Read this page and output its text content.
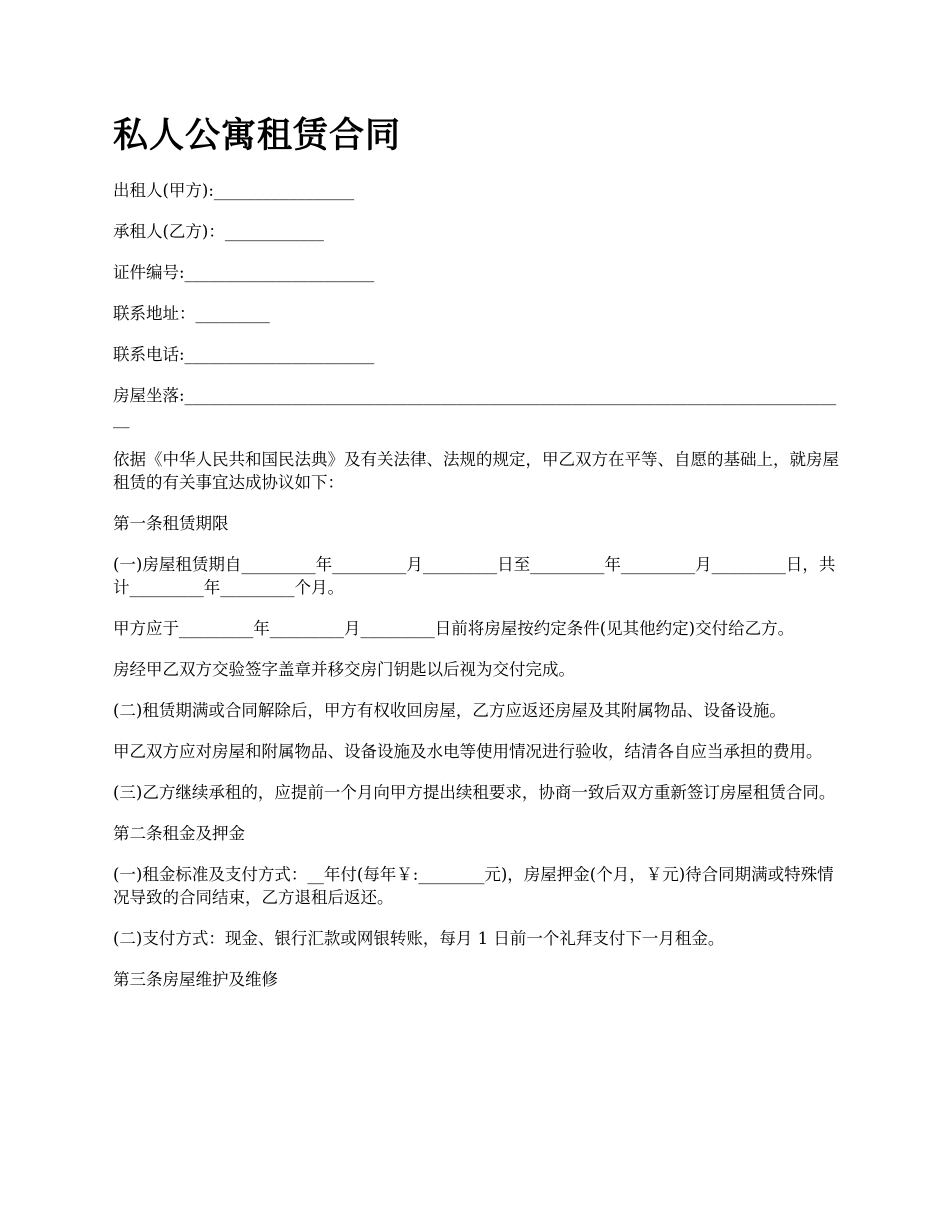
私人公寓租赁合同

出租人(甲方):_________________

承租人(乙方)：____________

证件编号:_______________________

联系地址：_________

联系电话:_______________________

房屋坐落:_________________________________________________________________________________

依据《中华人民共和国民法典》及有关法律、法规的规定，甲乙双方在平等、自愿的基础上，就房屋租赁的有关事宜达成协议如下：

第一条租赁期限

(一)房屋租赁期自_________年_________月_________日至_________年_________月_________日，共计_________年_________个月。

甲方应于_________年_________月_________日前将房屋按约定条件(见其他约定)交付给乙方。

房经甲乙双方交验签字盖章并移交房门钥匙以后视为交付完成。

(二)租赁期满或合同解除后，甲方有权收回房屋，乙方应返还房屋及其附属物品、设备设施。

甲乙双方应对房屋和附属物品、设备设施及水电等使用情况进行验收，结清各自应当承担的费用。

(三)乙方继续承租的，应提前一个月向甲方提出续租要求，协商一致后双方重新签订房屋租赁合同。

第二条租金及押金

(一)租金标准及支付方式：__年付(每年￥:________元)，房屋押金(个月，￥元)待合同期满或特殊情况导致的合同结束，乙方退租后返还。

(二)支付方式：现金、银行汇款或网银转账，每月 1 日前一个礼拜支付下一月租金。

第三条房屋维护及维修
